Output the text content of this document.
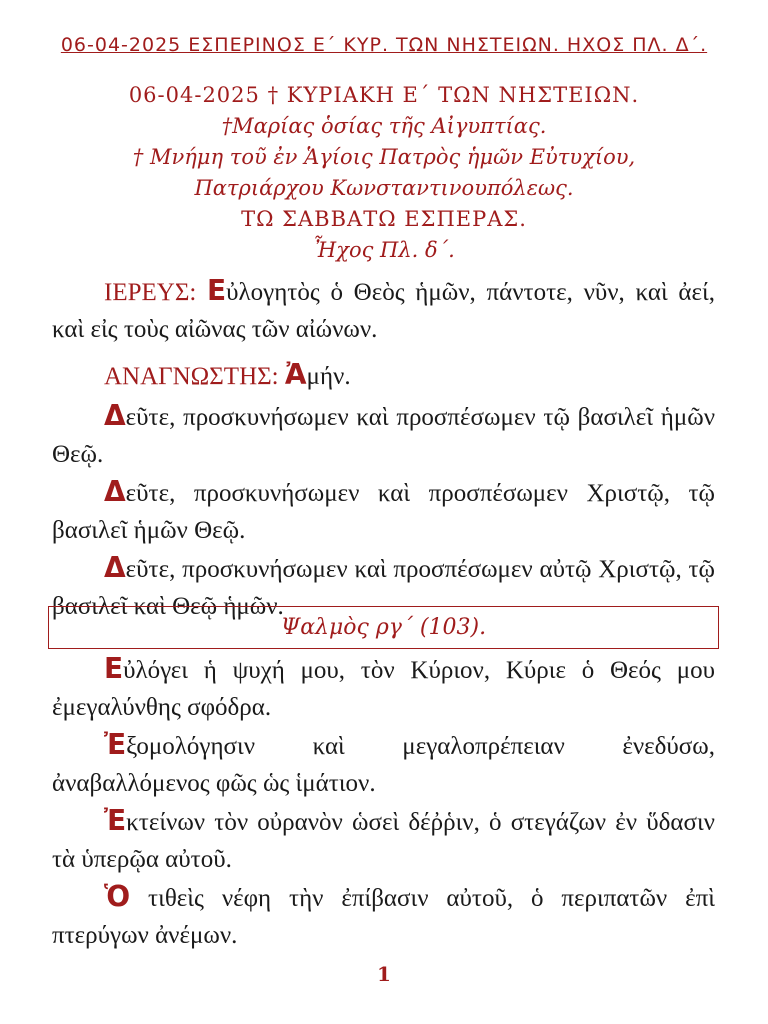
06-04-2025 ΕΣΠΕΡΙΝΟΣ Ε΄ ΚΥΡ. ΤΩΝ ΝΗΣΤΕΙΩΝ. ΗΧΟΣ ΠΛ. Δ΄.
06-04-2025 † ΚΥΡΙΑΚΗ Ε΄ ΤΩΝ ΝΗΣΤΕΙΩΝ.
†Μαρίας ὁσίας τῆς Αἰγυπτίας.
† Μνήμη τοῦ ἐν Ἁγίοις Πατρὸς ἡμῶν Εὐτυχίου,
Πατριάρχου Κωνσταντινουπόλεως.
ΤΩ ΣΑΒΒΑΤΩ ΕΣΠΕΡΑΣ.
Ἦχος Πλ. δ΄.

ΙΕΡΕΥΣ: Εὐλογητὸς ὁ Θεὸς ἡμῶν, πάντοτε, νῦν, καὶ ἀεί, καὶ εἰς τοὺς αἰῶνας τῶν αἰώνων.

ΑΝΑΓΝΩΣΤΗΣ: Ἀμήν.

Δεῦτε, προσκυνήσωμεν καὶ προσπέσωμεν τῷ βασιλεῖ ἡμῶν Θεῷ.

Δεῦτε, προσκυνήσωμεν καὶ προσπέσωμεν Χριστῷ, τῷ βασιλεῖ ἡμῶν Θεῷ.

Δεῦτε, προσκυνήσωμεν καὶ προσπέσωμεν αὐτῷ Χριστῷ, τῷ βασιλεῖ καὶ Θεῷ ἡμῶν.

Ψαλμὸς ργ΄ (103).

Εὐλόγει ἡ ψυχή μου, τὸν Κύριον, Κύριε ὁ Θεός μου ἐμεγαλύνθης σφόδρα.

Ἐξομολόγησιν καὶ μεγαλοπρέπειαν ἐνεδύσω, ἀναβαλλόμενος φῶς ὡς ἱμάτιον.

Ἐκτείνων τὸν οὐρανὸν ὡσεὶ δέῤῥιν, ὁ στεγάζων ἐν ὕδασιν τὰ ὑπερῷα αὐτοῦ.

Ὁ τιθεὶς νέφη τὴν ἐπίβασιν αὐτοῦ, ὁ περιπατῶν ἐπὶ πτερύγων ἀνέμων.

1
